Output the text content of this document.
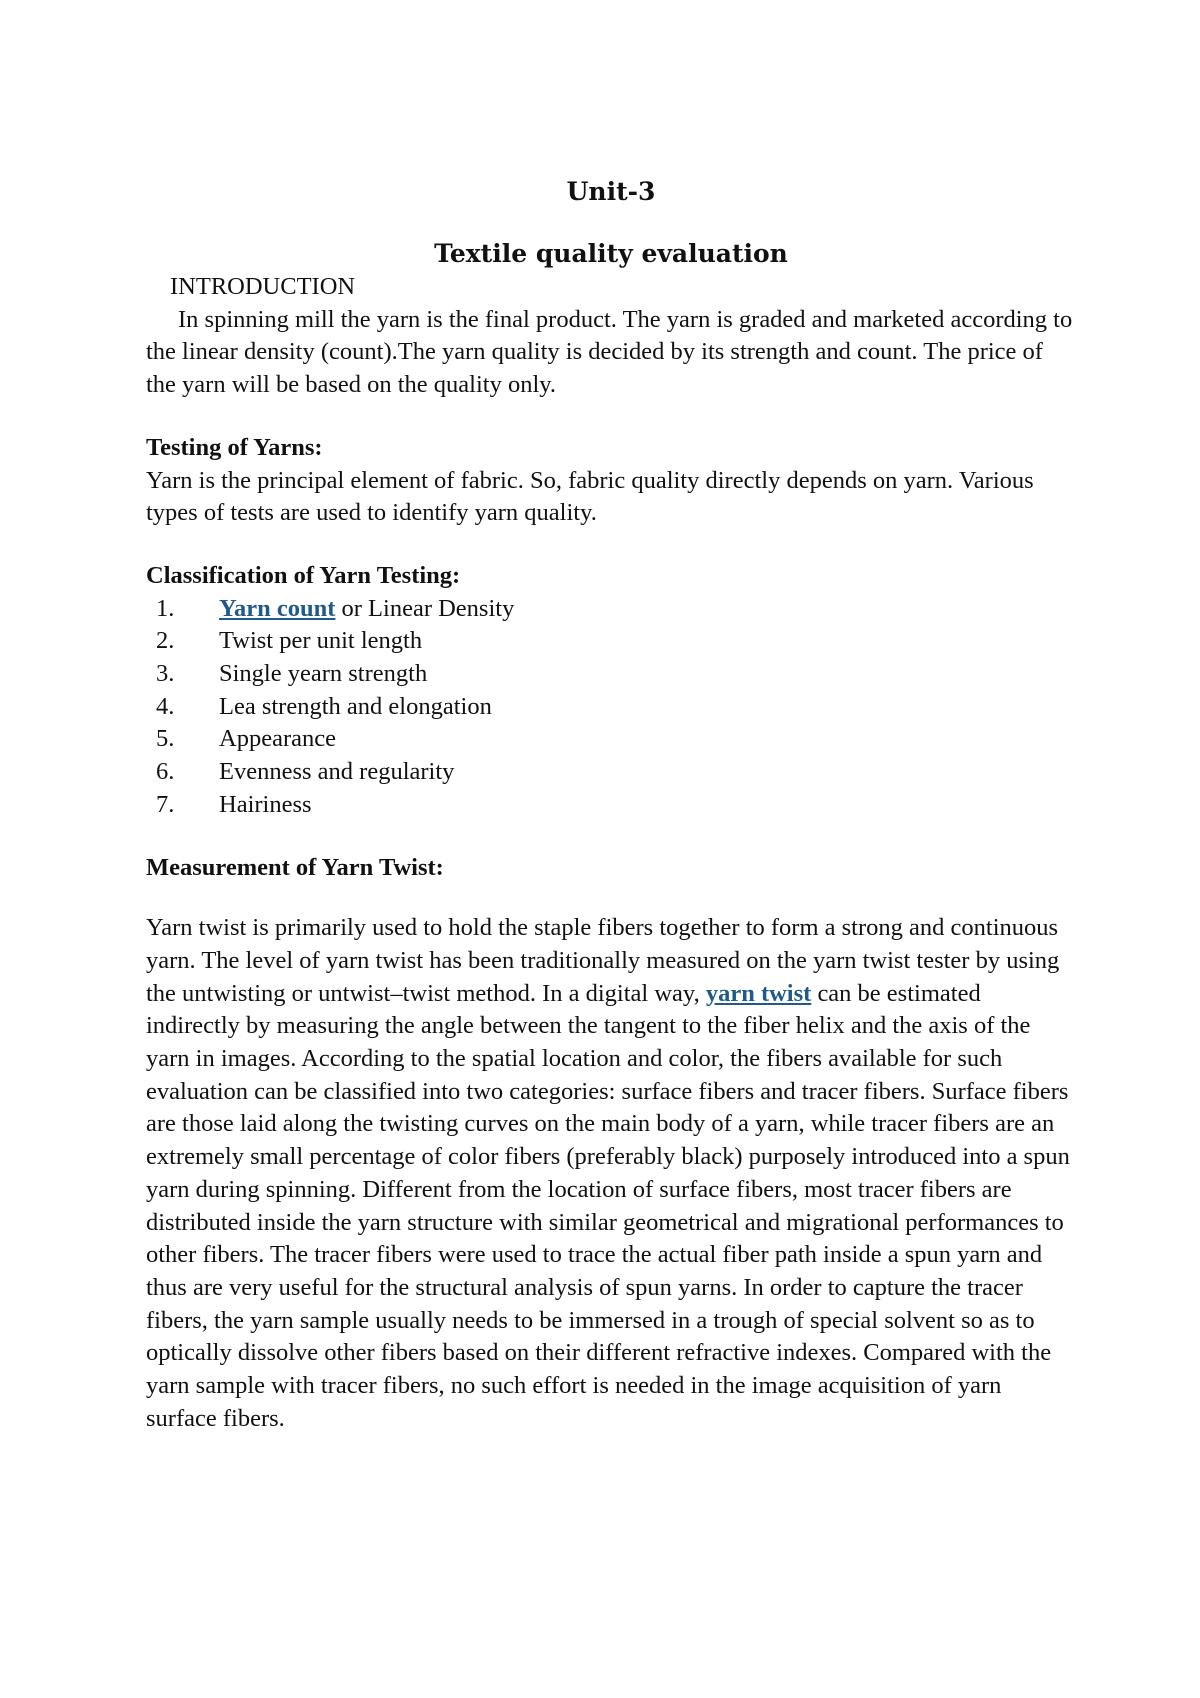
Unit-3
Textile quality evaluation
INTRODUCTION

In spinning mill the yarn is the final product. The yarn is graded and marketed according to the linear density (count).The yarn quality is decided by its strength and count. The price of the yarn will be based on the quality only.

Testing of Yarns:

Yarn is the principal element of fabric. So, fabric quality directly depends on yarn. Various types of tests are used to identify yarn quality.

Classification of Yarn Testing:

1.	Yarn count or Linear Density
2.	Twist per unit length
3.	Single yearn strength
4.	Lea strength and elongation
5.	Appearance
6.	Evenness and regularity
7.	Hairiness

Measurement of Yarn Twist:

Yarn twist is primarily used to hold the staple fibers together to form a strong and continuous yarn. The level of yarn twist has been traditionally measured on the yarn twist tester by using the untwisting or untwist–twist method. In a digital way, yarn twist can be estimated indirectly by measuring the angle between the tangent to the fiber helix and the axis of the yarn in images. According to the spatial location and color, the fibers available for such evaluation can be classified into two categories: surface fibers and tracer fibers. Surface fibers are those laid along the twisting curves on the main body of a yarn, while tracer fibers are an extremely small percentage of color fibers (preferably black) purposely introduced into a spun yarn during spinning. Different from the location of surface fibers, most tracer fibers are distributed inside the yarn structure with similar geometrical and migrational performances to other fibers. The tracer fibers were used to trace the actual fiber path inside a spun yarn and thus are very useful for the structural analysis of spun yarns. In order to capture the tracer fibers, the yarn sample usually needs to be immersed in a trough of special solvent so as to optically dissolve other fibers based on their different refractive indexes. Compared with the yarn sample with tracer fibers, no such effort is needed in the image acquisition of yarn surface fibers.
